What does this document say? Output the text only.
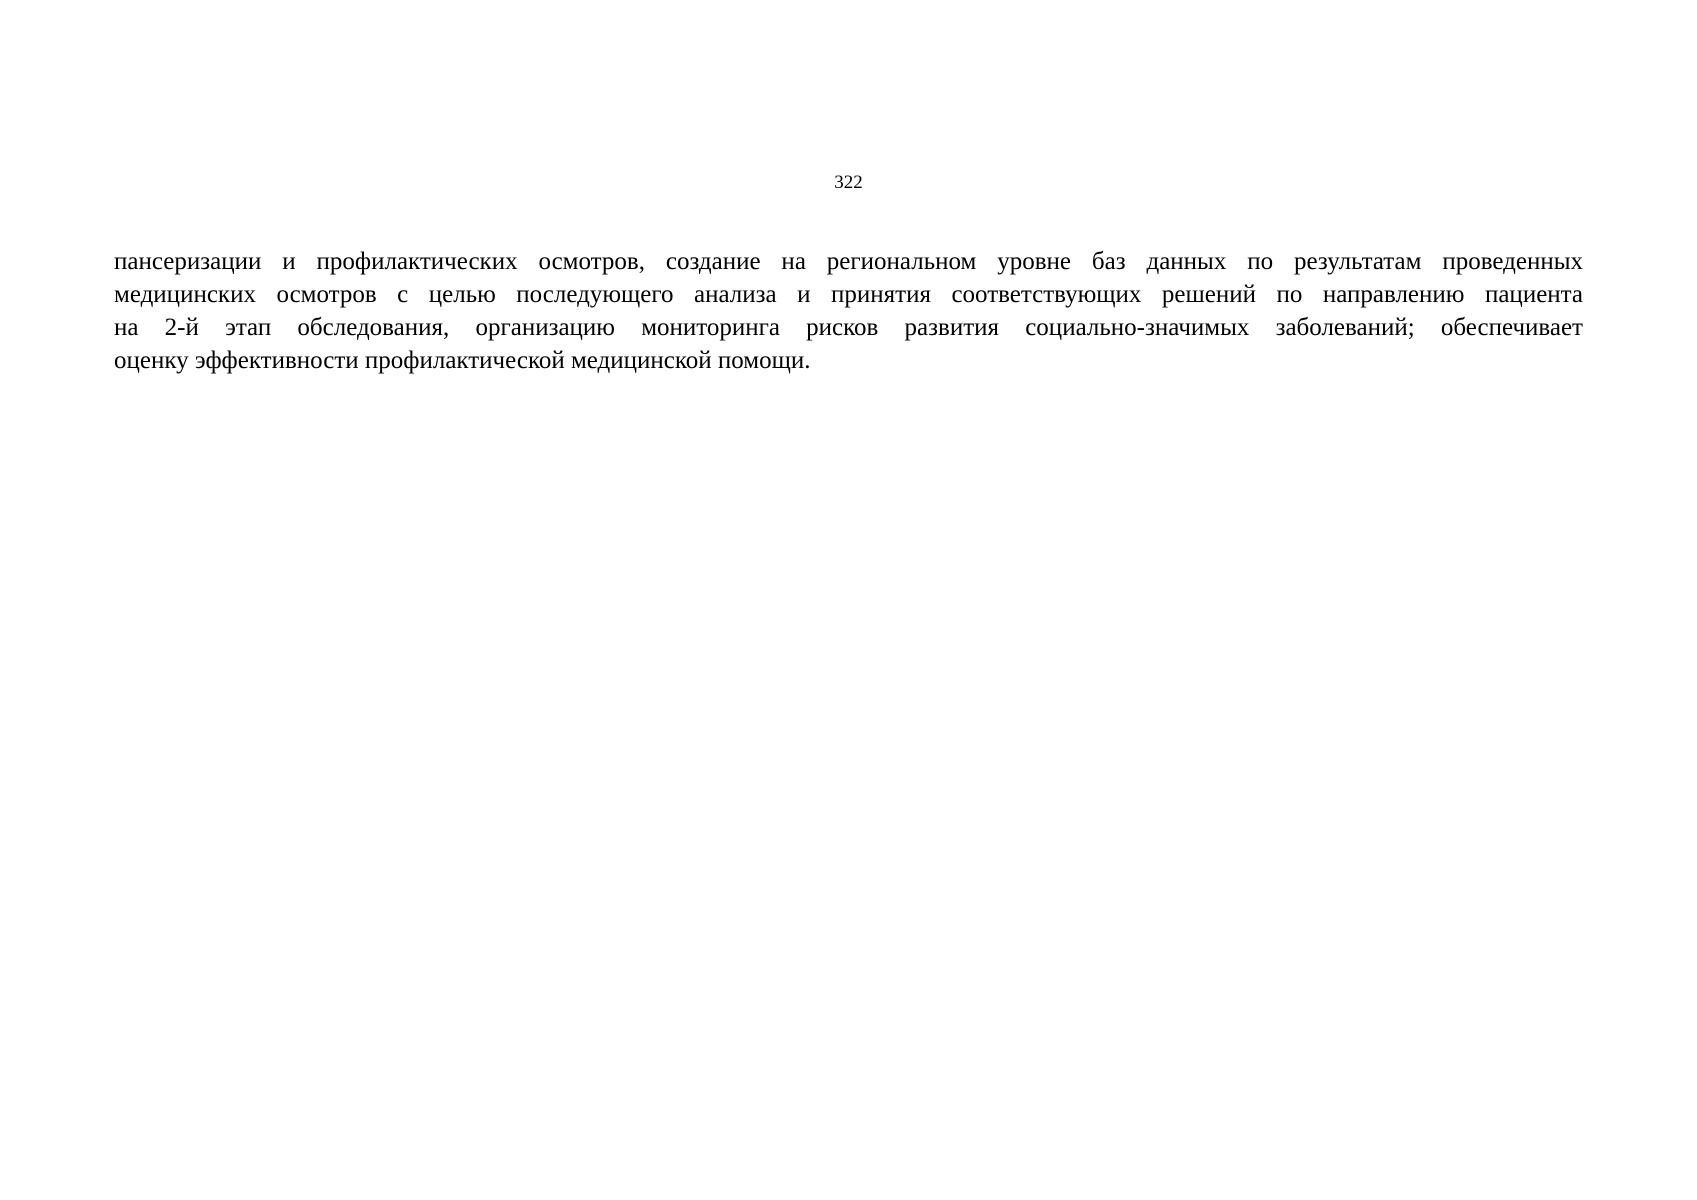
322
пансеризации и профилактических осмотров, создание на региональном уровне баз данных по результатам проведенных
медицинских осмотров с целью последующего анализа и принятия соответствующих решений по направлению пациента
на 2-й этап обследования, организацию мониторинга рисков развития социально-значимых заболеваний; обеспечивает
оценку эффективности профилактической медицинской помощи.
